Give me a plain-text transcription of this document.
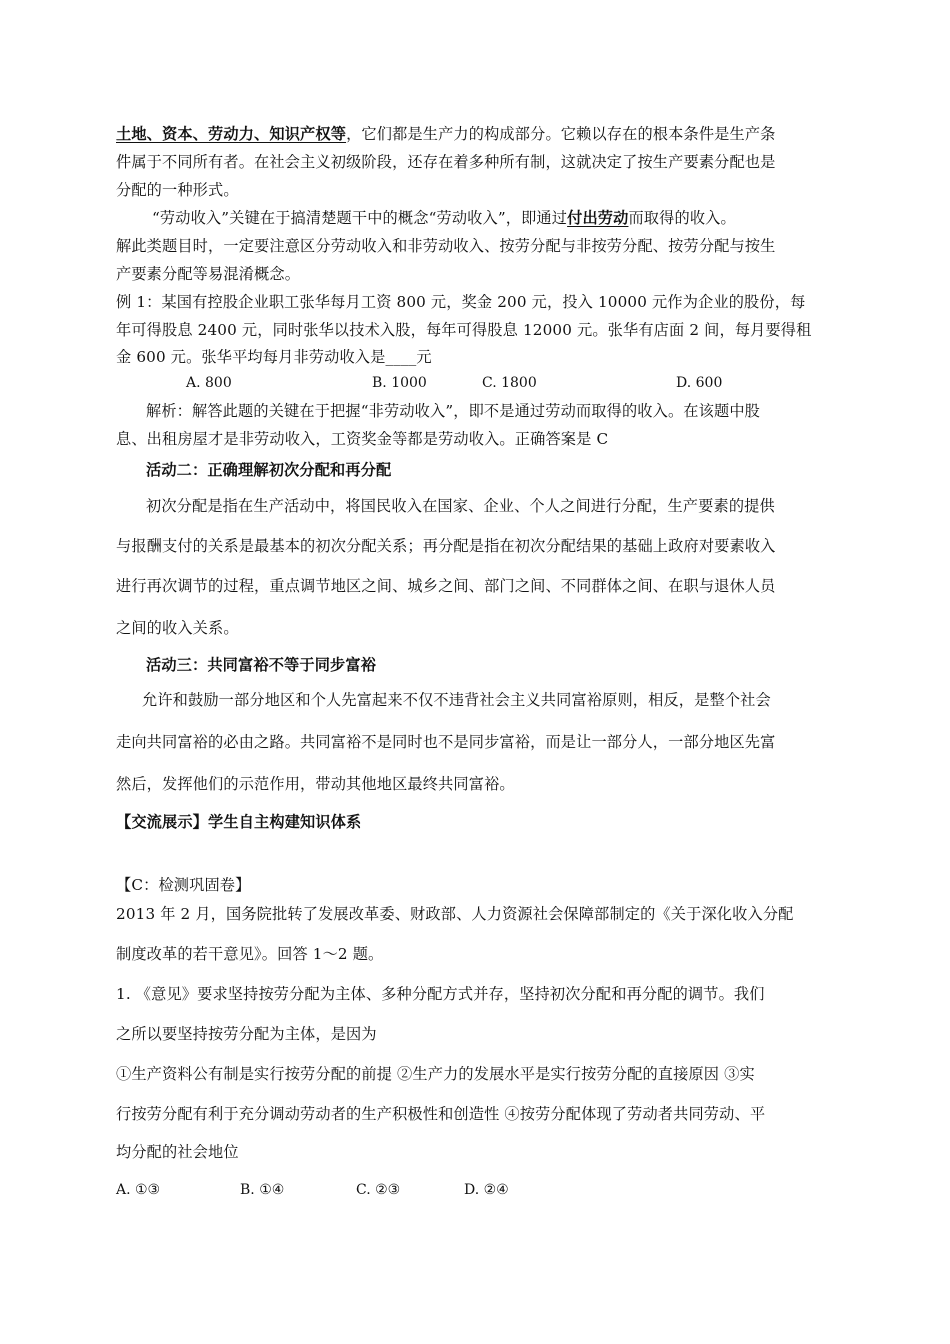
土地、资本、劳动力、知识产权等，它们都是生产力的构成部分。它赖以存在的根本条件是生产条
件属于不同所有者。在社会主义初级阶段，还存在着多种所有制，这就决定了按生产要素分配也是
分配的一种形式。
“劳动收入”关键在于搞清楚题干中的概念“劳动收入”，即通过付出劳动而取得的收入。
解此类题目时，一定要注意区分劳动收入和非劳动收入、按劳分配与非按劳分配、按劳分配与按生
产要素分配等易混淆概念。
例 1：某国有控股企业职工张华每月工资 800 元，奖金 200 元，投入 10000 元作为企业的股份，每
年可得股息 2400 元，同时张华以技术入股，每年可得股息 12000 元。张华有店面 2 间，每月要得租
金 600 元。张华平均每月非劳动收入是____元
A. 800	B. 1000	C. 1800	D. 600
解析：解答此题的关键在于把握“非劳动收入”，即不是通过劳动而取得的收入。在该题中股
息、出租房屋才是非劳动收入，工资奖金等都是劳动收入。正确答案是 C
活动二：正确理解初次分配和再分配
初次分配是指在生产活动中，将国民收入在国家、企业、个人之间进行分配，生产要素的提供
与报酬支付的关系是最基本的初次分配关系；再分配是指在初次分配结果的基础上政府对要素收入
进行再次调节的过程，重点调节地区之间、城乡之间、部门之间、不同群体之间、在职与退休人员
之间的收入关系。
活动三：共同富裕不等于同步富裕
允许和鼓励一部分地区和个人先富起来不仅不违背社会主义共同富裕原则，相反，是整个社会
走向共同富裕的必由之路。共同富裕不是同时也不是同步富裕，而是让一部分人，一部分地区先富
然后，发挥他们的示范作用，带动其他地区最终共同富裕。
【交流展示】学生自主构建知识体系
【C：检测巩固卷】
2013 年 2 月，国务院批转了发展改革委、财政部、人力资源社会保障部制定的《关于深化收入分配
制度改革的若干意见》。回答 1～2 题。
1. 《意见》要求坚持按劳分配为主体、多种分配方式并存，坚持初次分配和再分配的调节。我们
之所以要坚持按劳分配为主体，是因为
①生产资料公有制是实行按劳分配的前提 ②生产力的发展水平是实行按劳分配的直接原因 ③实
行按劳分配有利于充分调动劳动者的生产积极性和创造性 ④按劳分配体现了劳动者共同劳动、平
均分配的社会地位
A. ①③	B. ①④	C. ②③	D. ②④
